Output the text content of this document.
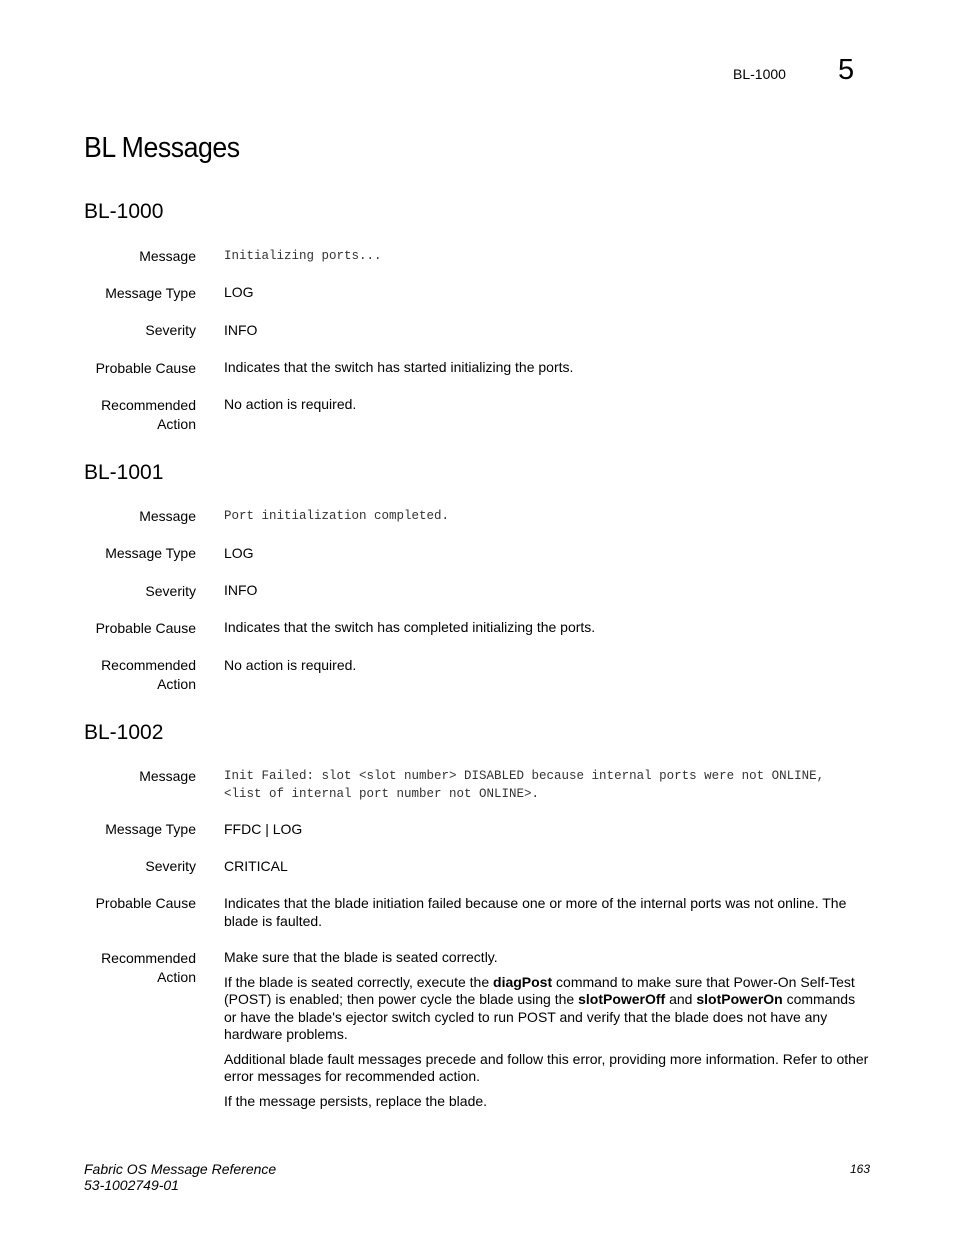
BL-1000 5
BL Messages
BL-1000
Message Initializing ports...
Message Type LOG
Severity INFO
Probable Cause Indicates that the switch has started initializing the ports.
Recommended
Action
No action is required.
BL-1001
Message Port initialization completed.
Message Type LOG
Severity INFO
Probable Cause Indicates that the switch has completed initializing the ports.
Recommended
Action
No action is required.
BL-1002
Message Init Failed: slot <slot number> DISABLED because internal ports were not ONLINE,
<list of internal port number not ONLINE>.
Message Type FFDC | LOG
Severity CRITICAL
Probable Cause Indicates that the blade initiation failed because one or more of the internal ports was not online. The blade is faulted.
Recommended
Action

Make sure that the blade is seated correctly.

If the blade is seated correctly, execute the diagPost command to make sure that Power-On Self-Test (POST) is enabled; then power cycle the blade using the slotPowerOff and slotPowerOn commands or have the blade's ejector switch cycled to run POST and verify that the blade does not have any hardware problems.

Additional blade fault messages precede and follow this error, providing more information. Refer to other error messages for recommended action.

If the message persists, replace the blade.

Fabric OS Message Reference
53-1002749-01
163
